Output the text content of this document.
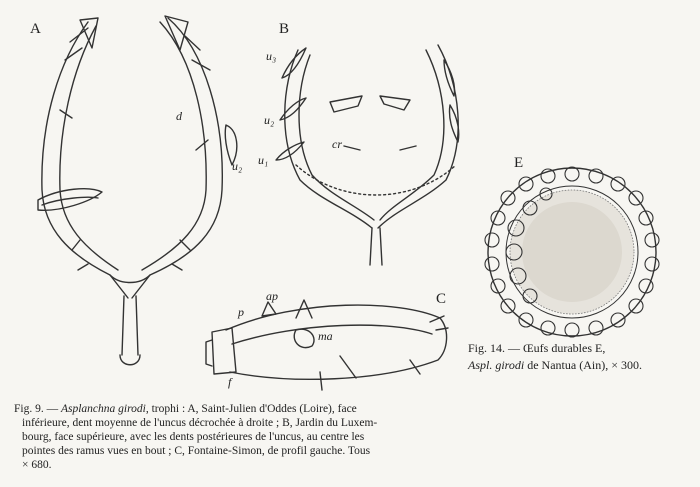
A	B
C
E
d
u₂
u₃
u₂
u₁
cr
ap
p
ma
f
Fig. 14. — Œufs durables E,
Aspl. girodi de Nantua (Ain), × 300.
Fig. 9. — Asplanchna girodi, trophi : A, Saint-Julien d'Oddes (Loire), face
inférieure, dent moyenne de l'uncus décrochée à droite ; B, Jardin du Luxem-
bourg, face supérieure, avec les dents postérieures de l'uncus, au centre les
pointes des ramus vues en bout ; C, Fontaine-Simon, de profil gauche. Tous
× 680.
